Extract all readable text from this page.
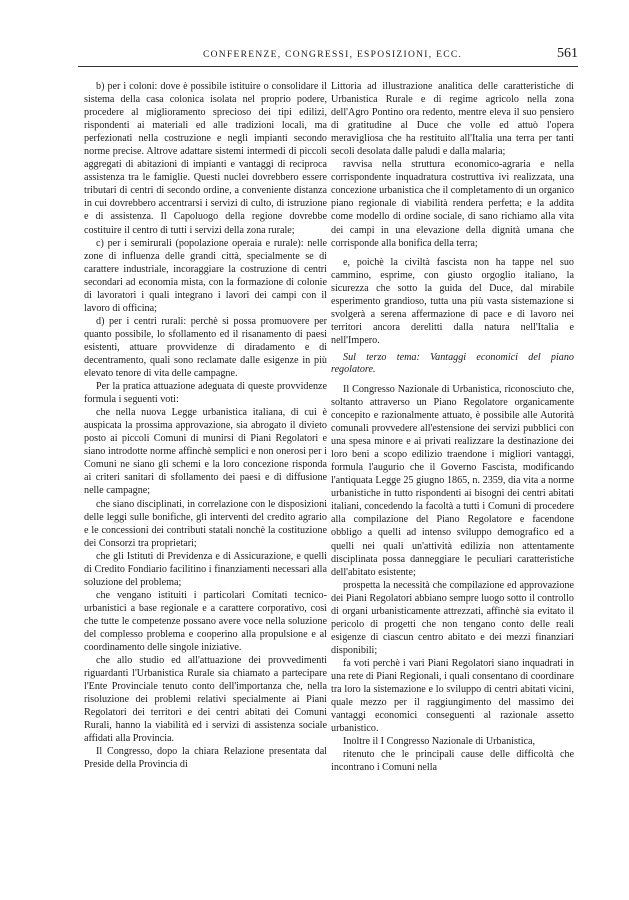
CONFERENZE, CONGRESSI, ESPOSIZIONI, ECC.	561

b) per i coloni: dove è possibile istituire o consolidare il sistema della casa colonica isolata nel proprio podere, procedere al miglioramento sprecioso dei tipi edilizi, rispondenti ai materiali ed alle tradizioni locali, ma perfezionati nella costruzione e negli impianti secondo norme precise. Altrove adattare sistemi intermedi di piccoli aggregati di abitazioni di impianti e vantaggi di reciproca assistenza tra le famiglie. Questi nuclei dovrebbero essere tributari di centri di secondo ordine, a conveniente distanza in cui dovrebbero accentrarsi i servizi di culto, di istruzione e di assistenza. Il Capoluogo della regione dovrebbe costituire il centro di tutti i servizi della zona rurale;

c) per i semirurali (popolazione operaia e rurale): nelle zone di influenza delle grandi città, specialmente se di carattere industriale, incoraggiare la costruzione di centri secondari ad economia mista, con la formazione di colonie di lavoratori i quali integrano i lavori dei campi con il lavoro di officina;

d) per i centri rurali: perchè si possa promuovere per quanto possibile, lo sfollamento ed il risanamento di paesi esistenti, attuare provvidenze di diradamento e di decentramento, quali sono reclamate dalle esigenze in più elevato tenore di vita delle campagne.

Per la pratica attuazione adeguata di queste provvidenze formula i seguenti voti:

che nella nuova Legge urbanistica italiana, di cui è auspicata la prossima approvazione, sia abrogato il divieto posto ai piccoli Comuni di munirsi di Piani Regolatori e siano introdotte norme affinchè semplici e non onerosi per i Comuni ne siano gli schemi e la loro concezione risponda ai criteri sanitari di sfollamento dei paesi e di diffusione nelle campagne;

che siano disciplinati, in correlazione con le disposizioni delle leggi sulle bonifiche, gli interventi del credito agrario e le concessioni dei contributi statali nonchè la costituzione dei Consorzi tra proprietari;

che gli Istituti di Previdenza e di Assicurazione, e quelli di Credito Fondiario facilitino i finanziamenti necessari alla soluzione del problema;

che vengano istituiti i particolari Comitati tecnico-urbanistici a base regionale e a carattere corporativo, così che tutte le competenze possano avere voce nella soluzione del complesso problema e cooperino alla propulsione e al coordinamento delle singole iniziative.

che allo studio ed all'attuazione dei provvedimenti riguardanti l'Urbanistica Rurale sia chiamato a partecipare l'Ente Provinciale tenuto conto dell'importanza che, nella risoluzione dei problemi relativi specialmente ai Piani Regolatori dei territori e dei centri abitati dei Comuni Rurali, hanno la viabilità ed i servizi di assistenza sociale affidati alla Provincia.

Il Congresso, dopo la chiara Relazione presentata dal Preside della Provincia di

Littoria ad illustrazione analitica delle caratteristiche di Urbanistica Rurale e di regime agricolo nella zona dell'Agro Pontino ora redento, mentre eleva il suo pensiero di gratitudine al Duce che volle ed attuò l'opera meravigliosa che ha restituito all'Italia una terra per tanti secoli desolata dalle paludi e dalla malaria;

ravvisa nella struttura economico-agraria e nella corrispondente inquadratura costruttiva ivi realizzata, una concezione urbanistica che il completamento di un organico piano regionale di viabilità rendera perfetta; e la addita come modello di ordine sociale, di sano richiamo alla vita dei campi in una elevazione della dignità umana che corrisponde alla bonifica della terra;

e, poichè la civiltà fascista non ha tappe nel suo cammino, esprime, con giusto orgoglio italiano, la sicurezza che sotto la guida del Duce, dal mirabile esperimento grandioso, tutta una più vasta sistemazione si svolgerà a serena affermazione di pace e di lavoro nei territori ancora derelitti dalla natura nell'Italia e nell'Impero.

Sul terzo tema: Vantaggi economici del piano regolatore.

Il Congresso Nazionale di Urbanistica, riconosciuto che, soltanto attraverso un Piano Regolatore organicamente concepito e razionalmente attuato, è possibile alle Autorità comunali provvedere all'estensione dei servizi pubblici con una spesa minore e ai privati realizzare la destinazione dei loro beni a scopo edilizio traendone i migliori vantaggi, formula l'augurio che il Governo Fascista, modificando l'antiquata Legge 25 giugno 1865, n. 2359, dia vita a norme urbanistiche in tutto rispondenti ai bisogni dei centri abitati italiani, concedendo la facoltà a tutti i Comuni di procedere alla compilazione del Piano Regolatore e facendone obbligo a quelli ad intenso sviluppo demografico ed a quelli nei quali un'attività edilizia non attentamente disciplinata possa danneggiare le peculiari caratteristiche dell'abitato esistente;

prospetta la necessità che compilazione ed approvazione dei Piani Regolatori abbiano sempre luogo sotto il controllo di organi urbanisticamente attrezzati, affinchè sia evitato il pericolo di progetti che non tengano conto delle reali esigenze di ciascun centro abitato e dei mezzi finanziari disponibili;

fa voti perchè i vari Piani Regolatori siano inquadrati in una rete di Piani Regionali, i quali consentano di coordinare tra loro la sistemazione e lo sviluppo di centri abitati vicini, quale mezzo per il raggiungimento del massimo dei vantaggi economici conseguenti al razionale assetto urbanistico.

Inoltre il I Congresso Nazionale di Urbanistica,

ritenuto che le principali cause delle difficoltà che incontrano i Comuni nella
